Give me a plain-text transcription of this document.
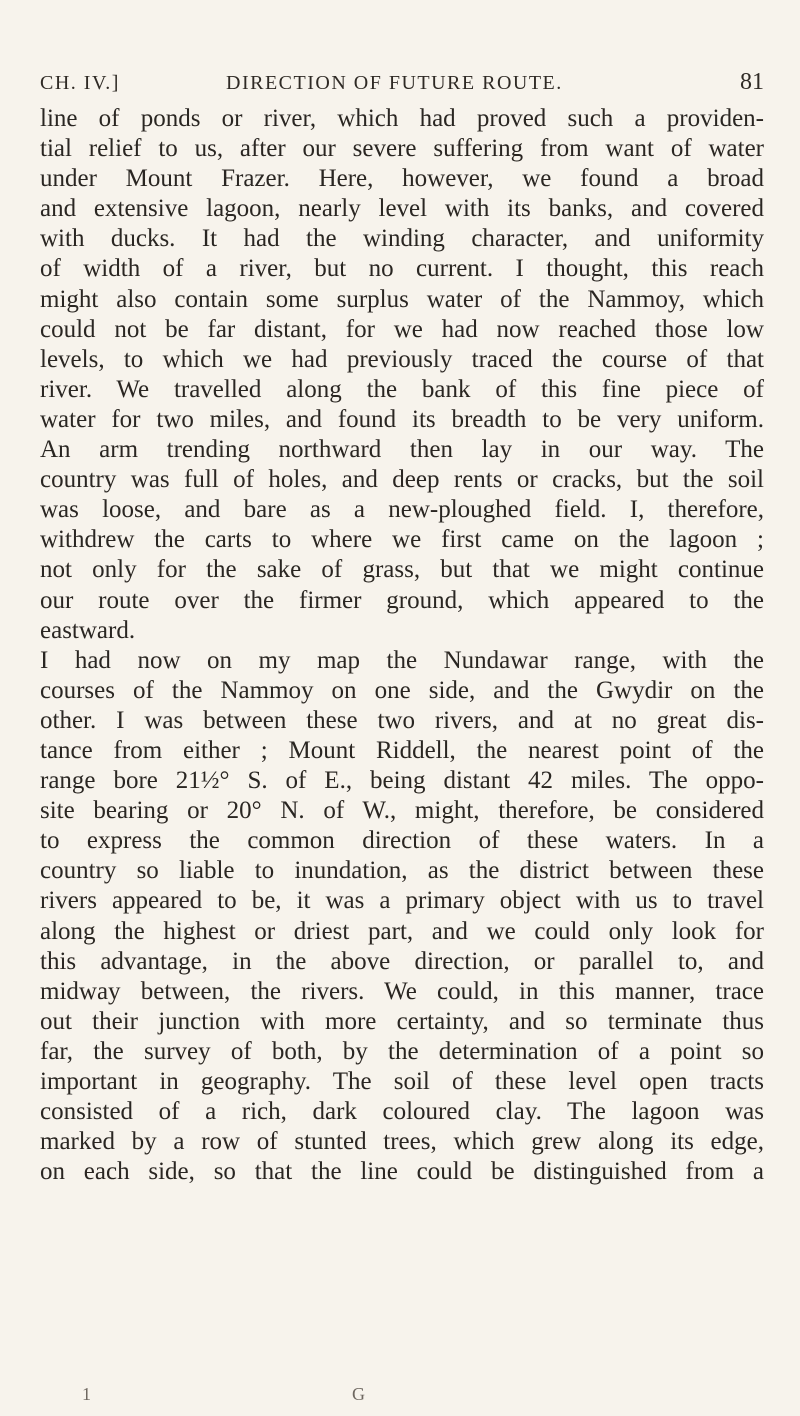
CH. IV.]	DIRECTION OF FUTURE ROUTE.	81
line of ponds or river, which had proved such a providen-
tial relief to us, after our severe suffering from want of water
under Mount Frazer. Here, however, we found a broad
and extensive lagoon, nearly level with its banks, and covered
with ducks. It had the winding character, and uniformity
of width of a river, but no current. I thought, this reach
might also contain some surplus water of the Nammoy, which
could not be far distant, for we had now reached those low
levels, to which we had previously traced the course of that
river. We travelled along the bank of this fine piece of
water for two miles, and found its breadth to be very uniform.
An arm trending northward then lay in our way. The
country was full of holes, and deep rents or cracks, but the soil
was loose, and bare as a new-ploughed field. I, therefore,
withdrew the carts to where we first came on the lagoon ;
not only for the sake of grass, but that we might continue
our route over the firmer ground, which appeared to the
eastward.
I had now on my map the Nundawar range, with the
courses of the Nammoy on one side, and the Gwydir on the
other. I was between these two rivers, and at no great dis-
tance from either ; Mount Riddell, the nearest point of the
range bore 21½° S. of E., being distant 42 miles. The oppo-
site bearing or 20° N. of W., might, therefore, be considered
to express the common direction of these waters. In a
country so liable to inundation, as the district between these
rivers appeared to be, it was a primary object with us to travel
along the highest or driest part, and we could only look for
this advantage, in the above direction, or parallel to, and
midway between, the rivers. We could, in this manner, trace
out their junction with more certainty, and so terminate thus
far, the survey of both, by the determination of a point so
important in geography. The soil of these level open tracts
consisted of a rich, dark coloured clay. The lagoon was
marked by a row of stunted trees, which grew along its edge,
on each side, so that the line could be distinguished from a
1	G
